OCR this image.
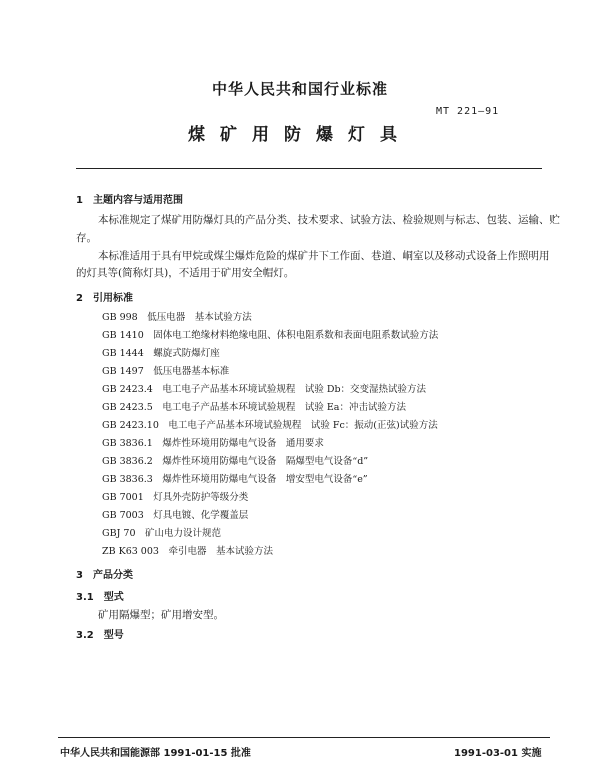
中华人民共和国行业标准
MT 221—91
煤矿用防爆灯具
1　主题内容与适用范围
本标准规定了煤矿用防爆灯具的产品分类、技术要求、试验方法、检验规则与标志、包装、运输、贮
存。
本标准适用于具有甲烷或煤尘爆炸危险的煤矿井下工作面、巷道、峒室以及移动式设备上作照明用
的灯具等(简称灯具)，不适用于矿用安全帽灯。
2　引用标准
GB 998　低压电器　基本试验方法
GB 1410　固体电工绝缘材料绝缘电阻、体积电阻系数和表面电阻系数试验方法
GB 1444　螺旋式防爆灯座
GB 1497　低压电器基本标准
GB 2423.4　电工电子产品基本环境试验规程　试验 Db：交变湿热试验方法
GB 2423.5　电工电子产品基本环境试验规程　试验 Ea：冲击试验方法
GB 2423.10　电工电子产品基本环境试验规程　试验 Fc：振动(正弦)试验方法
GB 3836.1　爆炸性环境用防爆电气设备　通用要求
GB 3836.2　爆炸性环境用防爆电气设备　隔爆型电气设备“d”
GB 3836.3　爆炸性环境用防爆电气设备　增安型电气设备“e”
GB 7001　灯具外壳防护等级分类
GB 7003　灯具电镀、化学覆盖层
GBJ 70　矿山电力设计规范
ZB K63 003　牵引电器　基本试验方法
3　产品分类
3.1　型式
矿用隔爆型；矿用增安型。
3.2　型号
中华人民共和国能源部 1991-01-15 批准	1991-03-01 实施
